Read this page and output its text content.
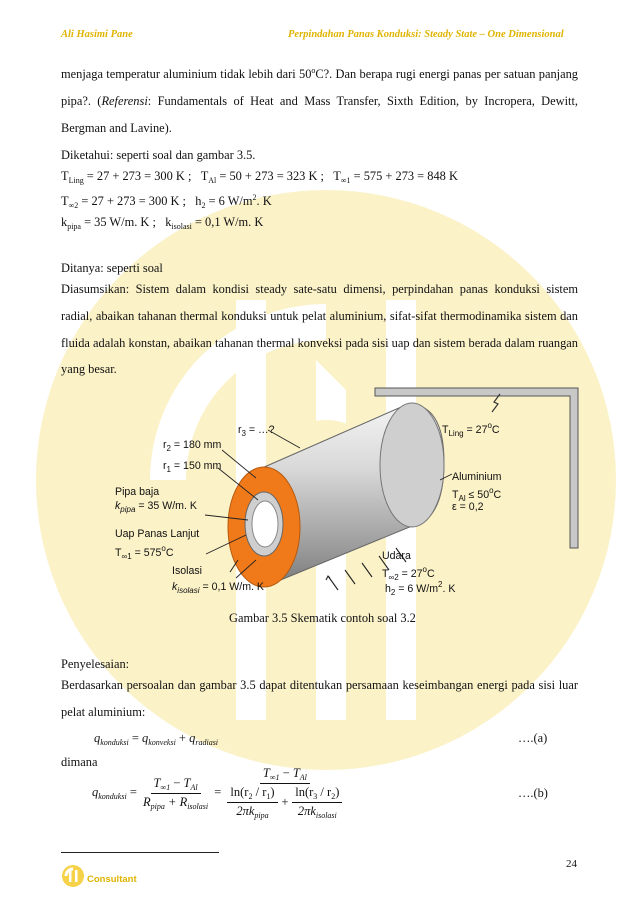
Ali Hasimi Pane	Perpindahan Panas Konduksi: Steady State – One Dimensional
menjaga temperatur aluminium tidak lebih dari 50$^o$C?. Dan berapa rugi energi panas per satuan panjang pipa?. (Referensi: Fundamentals of Heat and Mass Transfer, Sixth Edition, by Incropera, Dewitt, Bergman and Lavine).
Diketahui: seperti soal dan gambar 3.5.
$T_{Ling} = 27 + 273 = 300$ K ; $T_{Al} = 50 + 273 = 323$ K ; $T_{\infty 1} = 575 + 273 = 848$ K
$T_{\infty 2} = 27 + 273 = 300$ K ; $h_2 = 6$ $W/m^2$. K
$k_{pipa} = 35$ W/m. K ; $k_{isolasi} = 0,1$ W/m. K
Ditanya: seperti soal
Diasumsikan: Sistem dalam kondisi steady sate-satu dimensi, perpindahan panas konduksi sistem radial, abaikan tahanan thermal konduksi untuk pelat aluminium, sifat-sifat thermodinamika sistem dan fluida adalah konstan, abaikan tahanan thermal konveksi pada sisi uap dan sistem berada dalam ruangan yang besar.
$r_3$ = …?
$r_2 = 180$ mm
$r_1 = 150$ mm
Pipa baja
$k_{pipa} = 35$ W/m. K
Uap Panas Lanjut
$T_{\infty 1} = 575^oC$
Isolasi
$k_{isolasi} = 0,1$ W/m. K
$T_{Ling} = 27^oC$
Aluminium
$T_{Al} \le 50^oC$
ε = 0,2
Udara
$T_{\infty 2} = 27^oC$
$h_2 = 6$ $W/m^2$. K
Gambar 3.5 Skematik contoh soal 3.2
Penyelesaian:
Berdasarkan persoalan dan gambar 3.5 dapat ditentukan persamaan keseimbangan energi pada sisi luar pelat aluminium:
$q_{konduksi} = q_{konveksi} + q_{radiasi}$	….(a)
dimana
$q_{konduksi} = \frac{T_{\infty 1} - T_{Al}}{R_{pipa} + R_{isolasi}} = \frac{T_{\infty 1} - T_{Al}}{\frac{\ln(r_2 / r_1)}{2\pi k_{pipa}} + \frac{\ln(r_3 / r_2)}{2\pi k_{isolasi}}}$	….(b)
24
Consultant
